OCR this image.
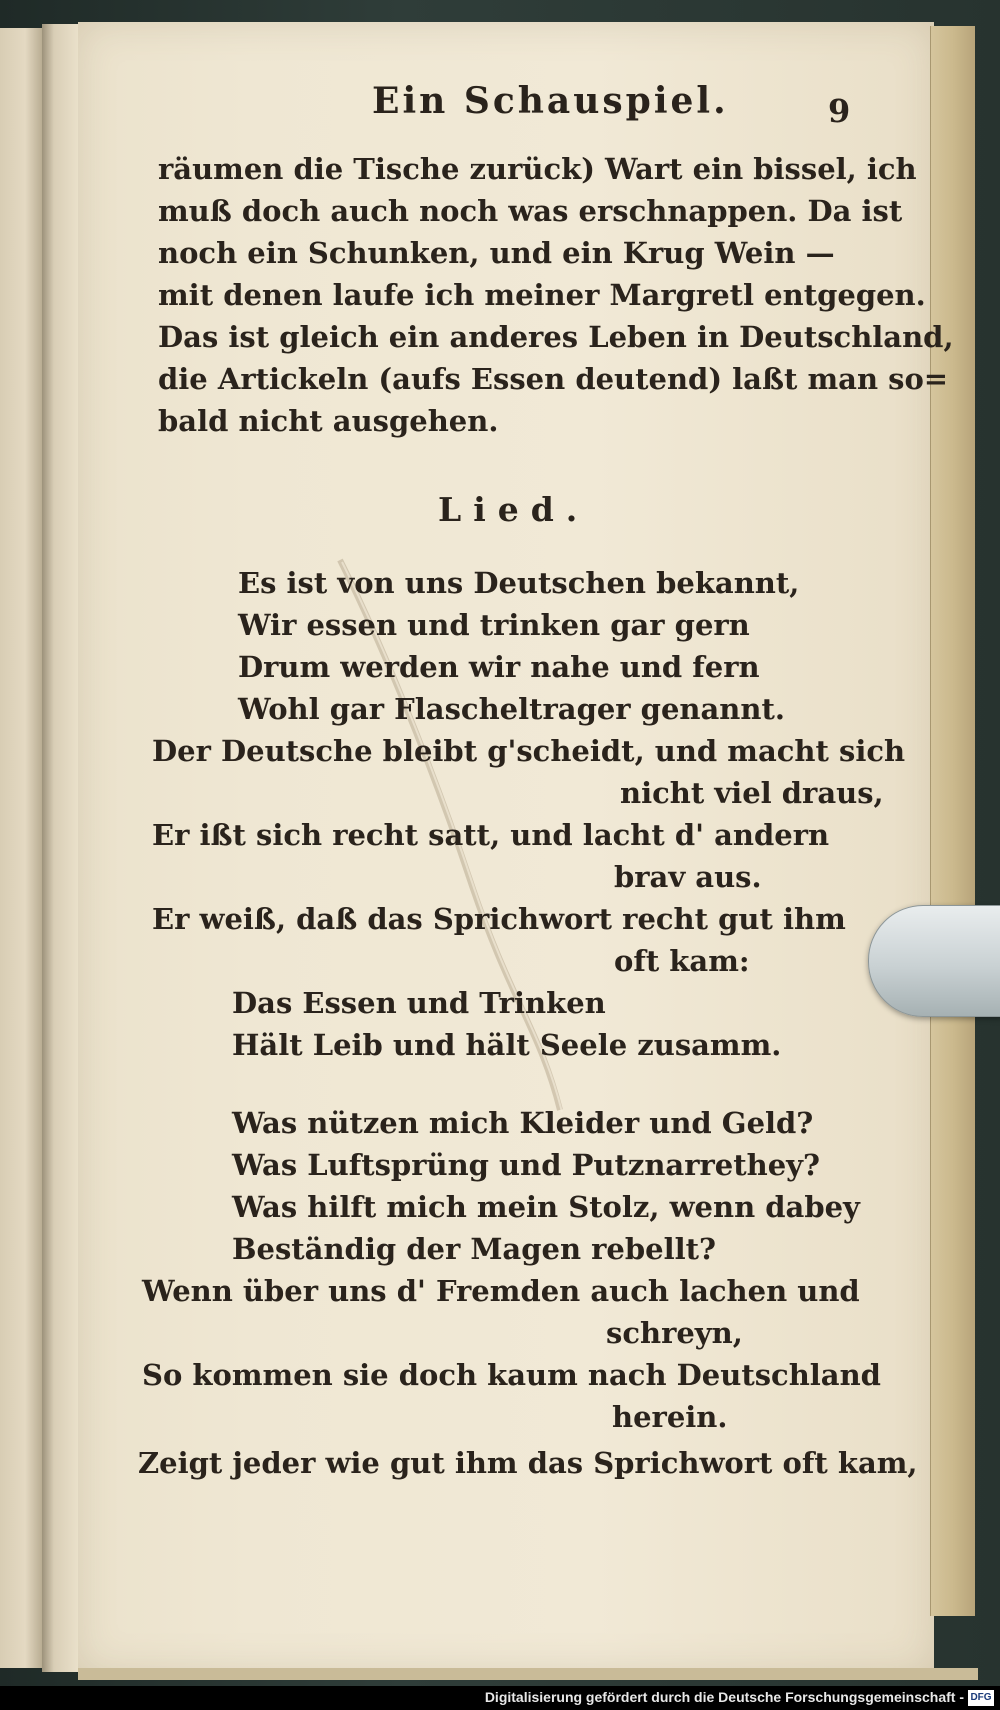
Ein Schauspiel.	9
räumen die Tische zurück) Wart ein bissel, ich
muß doch auch noch was erschnappen. Da ist
noch ein Schunken, und ein Krug Wein —
mit denen laufe ich meiner Margretl entgegen.
Das ist gleich ein anderes Leben in Deutschland,
die Artickeln (aufs Essen deutend) laßt man so=
bald nicht ausgehen.
Lied.
Es ist von uns Deutschen bekannt,
Wir essen und trinken gar gern
Drum werden wir nahe und fern
Wohl gar Flascheltrager genannt.
Der Deutsche bleibt g'scheidt, und macht sich
nicht viel draus,
Er ißt sich recht satt, und lacht d' andern
brav aus.
Er weiß, daß das Sprichwort recht gut ihm
oft kam:
Das Essen und Trinken
Hält Leib und hält Seele zusamm.
Was nützen mich Kleider und Geld?
Was Luftsprüng und Putznarrethey?
Was hilft mich mein Stolz, wenn dabey
Beständig der Magen rebellt?
Wenn über uns d' Fremden auch lachen und
schreyn,
So kommen sie doch kaum nach Deutschland
herein.
Zeigt jeder wie gut ihm das Sprichwort oft kam,
Digitalisierung gefördert durch die Deutsche Forschungsgemeinschaft - DFG
